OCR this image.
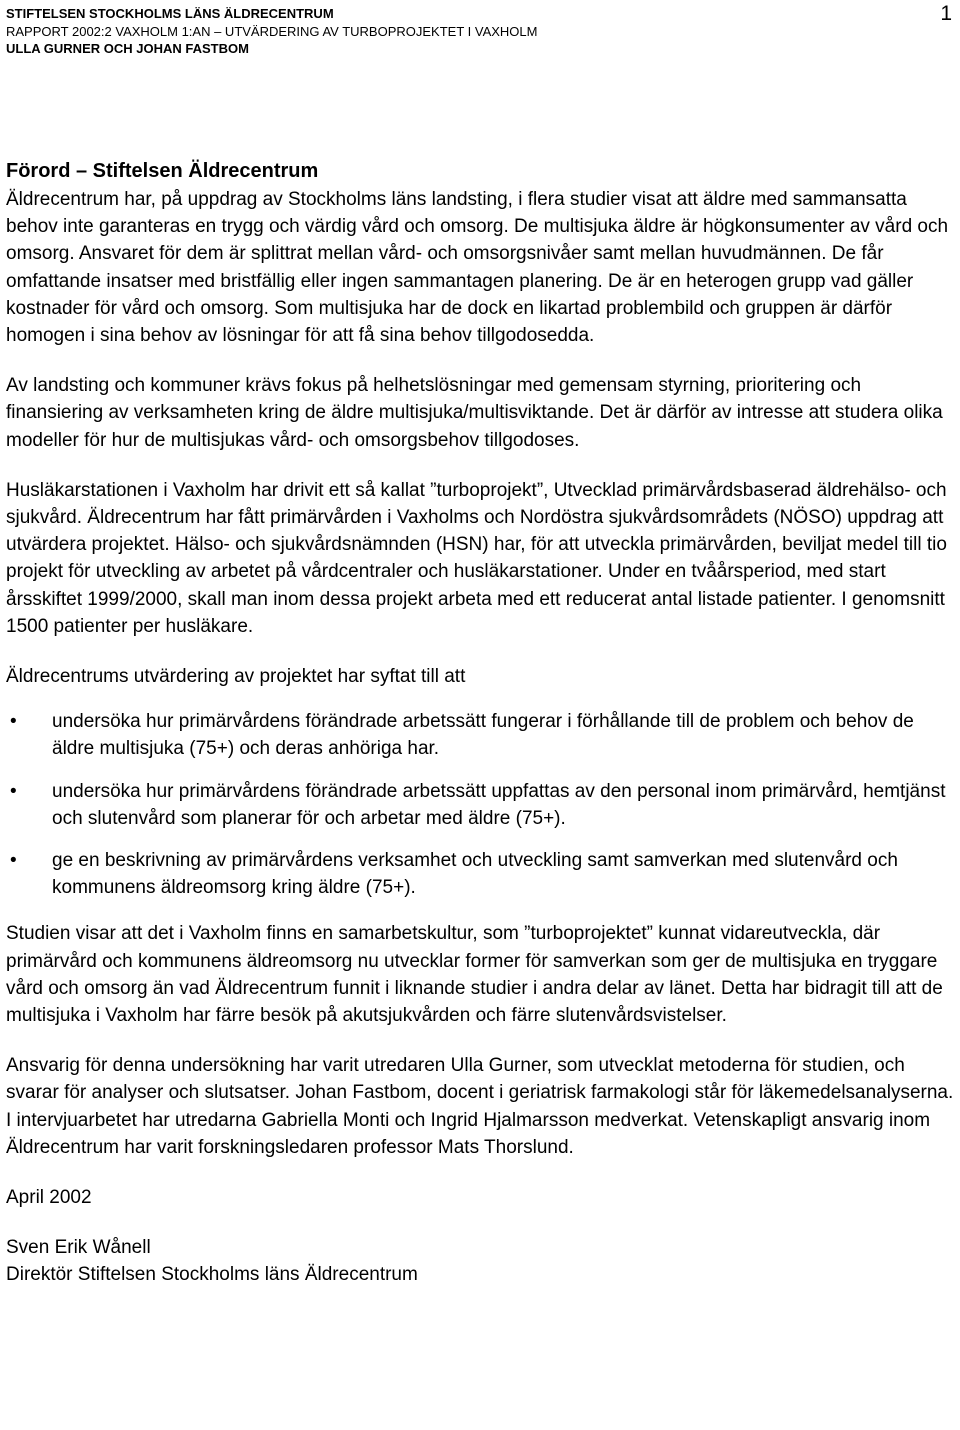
STIFTELSEN STOCKHOLMS LÄNS ÄLDRECENTRUM
RAPPORT 2002:2 VAXHOLM 1:AN – UTVÄRDERING AV TURBOPROJEKTET I VAXHOLM
ULLA GURNER OCH JOHAN FASTBOM
1
Förord – Stiftelsen Äldrecentrum

Äldrecentrum har, på uppdrag av Stockholms läns landsting, i flera studier visat att äldre med sammansatta behov inte garanteras en trygg och värdig vård och omsorg. De multisjuka äldre är högkonsumenter av vård och omsorg. Ansvaret för dem är splittrat mellan vård- och omsorgsnivåer samt mellan huvudmännen. De får omfattande insatser med bristfällig eller ingen sammantagen planering. De är en heterogen grupp vad gäller kostnader för vård och omsorg. Som multisjuka har de dock en likartad problembild och gruppen är därför homogen i sina behov av lösningar för att få sina behov tillgodosedda.

Av landsting och kommuner krävs fokus på helhetslösningar med gemensam styrning, prioritering och finansiering av verksamheten kring de äldre multisjuka/multisviktande. Det är därför av intresse att studera olika modeller för hur de multisjukas vård- och omsorgsbehov tillgodoses.

Husläkarstationen i Vaxholm har drivit ett så kallat ”turboprojekt”, Utvecklad primärvårdsbaserad äldrehälso- och sjukvård. Äldrecentrum har fått primärvården i Vaxholms och Nordöstra sjukvårdsområdets (NÖSO) uppdrag att utvärdera projektet. Hälso- och sjukvårdsnämnden (HSN) har, för att utveckla primärvården, beviljat medel till tio projekt för utveckling av arbetet på vårdcentraler och husläkarstationer. Under en tvåårsperiod, med start årsskiftet 1999/2000, skall man inom dessa projekt arbeta med ett reducerat antal listade patienter. I genomsnitt 1500 patienter per husläkare.

Äldrecentrums utvärdering av projektet har syftat till att

• undersöka hur primärvårdens förändrade arbetssätt fungerar i förhållande till de problem och behov de äldre multisjuka (75+) och deras anhöriga har.
• undersöka hur primärvårdens förändrade arbetssätt uppfattas av den personal inom primärvård, hemtjänst och slutenvård som planerar för och arbetar med äldre (75+).
• ge en beskrivning av primärvårdens verksamhet och utveckling samt samverkan med slutenvård och kommunens äldreomsorg kring äldre (75+).

Studien visar att det i Vaxholm finns en samarbetskultur, som ”turboprojektet” kunnat vidareutveckla, där primärvård och kommunens äldreomsorg nu utvecklar former för samverkan som ger de multisjuka en tryggare vård och omsorg än vad Äldrecentrum funnit i liknande studier i andra delar av länet. Detta har bidragit till att de multisjuka i Vaxholm har färre besök på akutsjukvården och färre slutenvårdsvistelser.

Ansvarig för denna undersökning har varit utredaren Ulla Gurner, som utvecklat metoderna för studien, och svarar för analyser och slutsatser. Johan Fastbom, docent i geriatrisk farmakologi står för läkemedelsanalyserna. I intervjuarbetet har utredarna Gabriella Monti och Ingrid Hjalmarsson medverkat. Vetenskapligt ansvarig inom Äldrecentrum har varit forskningsledaren professor Mats Thorslund.

April 2002

Sven Erik Wånell

Direktör Stiftelsen Stockholms läns Äldrecentrum
